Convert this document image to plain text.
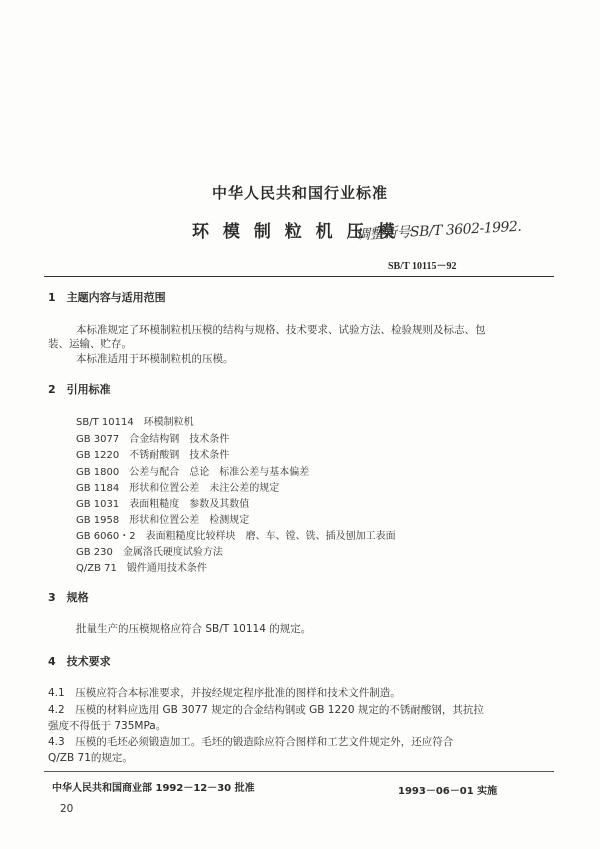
中华人民共和国行业标准
环 模 制 粒 机 压 模
调整新号SB/T 3602-1992.
SB/T 10115－92
1　主题内容与适用范围
本标准规定了环模制粒机压模的结构与规格、技术要求、试验方法、检验规则及标志、包
装、运输、贮存。
本标准适用于环模制粒机的压模。
2　引用标准
SB/T 10114　环模制粒机
GB 3077　合金结构钢　技术条件
GB 1220　不锈耐酸钢　技术条件
GB 1800　公差与配合　总论　标准公差与基本偏差
GB 1184　形状和位置公差　未注公差的规定
GB 1031　表面粗糙度　参数及其数值
GB 1958　形状和位置公差　检测规定
GB 6060・2　表面粗糙度比较样块　磨、车、镗、铣、插及刨加工表面
GB 230　金属洛氏硬度试验方法
Q/ZB 71　锻件通用技术条件
3　规格
批量生产的压模规格应符合 SB/T 10114 的规定。
4　技术要求
4.1　压模应符合本标准要求，并按经规定程序批准的图样和技术文件制造。
4.2　压模的材料应选用 GB 3077 规定的合金结构钢或 GB 1220 规定的不锈耐酸钢，其抗拉
强度不得低于 735MPa。
4.3　压模的毛坯必须锻造加工。毛坯的锻造除应符合图样和工艺文件规定外，还应符合
Q/ZB 71的规定。
中华人民共和国商业部 1992－12－30 批准	1993－06－01 实施
20
